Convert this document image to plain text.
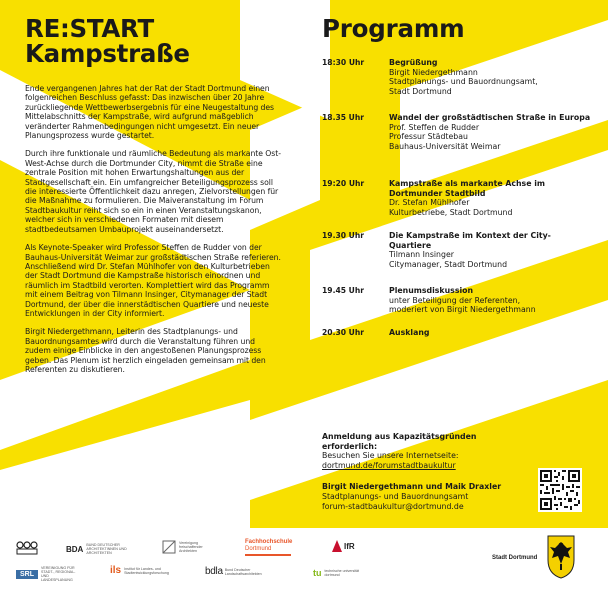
RE:START
Kampstraße

Ende vergangenen Jahres hat der Rat der Stadt Dortmund einen folgenreichen Beschluss gefasst: Das inzwischen über 20 Jahre zurückliegende Wettbewerbsergebnis für eine Neugestaltung des Mittelabschnitts der Kampstraße, wird aufgrund maßgeblich veränderter Rahmenbedingungen nicht umgesetzt. Ein neuer Planungsprozess wurde gestartet.

Durch ihre funktionale und räumliche Bedeutung als markante Ost-West-Achse durch die Dortmunder City, nimmt die Straße eine zentrale Position mit hohen Erwartungshaltungen aus der Stadtgesellschaft ein. Ein umfangreicher Beteiligungsprozess soll die interessierte Öffentlichkeit dazu anregen, Zielvorstellungen für die Maßnahme zu formulieren. Die Maiveranstaltung im Forum Stadtbaukultur reiht sich so ein in einen Veranstaltungskanon, welcher sich in verschiedenen Formaten mit diesem stadtbedeutsamen Umbauprojekt auseinandersetzt.

Als Keynote-Speaker wird Professor Steffen de Rudder von der Bauhaus-Universität Weimar zur großstädtischen Straße referieren. Anschließend wird Dr. Stefan Mühlhofer von den Kulturbetrieben der Stadt Dortmund die Kampstraße historisch einordnen und räumlich im Stadtbild verorten. Komplettiert wird das Programm mit einem Beitrag von Tilmann Insinger, Citymanager der Stadt Dortmund, der über die innerstädtischen Quartiere und neueste Entwicklungen in der City informiert.

Birgit Niedergethmann, Leiterin des Stadtplanungs- und Bauordnungsamtes wird durch die Veranstaltung führen und zudem einige Einblicke in den angestoßenen Planungsprozess geben. Das Plenum ist herzlich eingeladen gemeinsam mit den Referenten zu diskutieren.

Programm
18:30 Uhr	Begrüßung
Birgit Niedergethmann
Stadtplanungs- und Bauordnungsamt,
Stadt Dortmund
18.35 Uhr	Wandel der großstädtischen Straße in Europa
Prof. Steffen de Rudder
Professur Städtebau
Bauhaus-Universität Weimar
19:20 Uhr	Kampstraße als markante Achse im Dortmunder Stadtbild
Dr. Stefan Mühlhofer
Kulturbetriebe, Stadt Dortmund
19.30 Uhr	Die Kampstraße im Kontext der City-Quartiere
Tilmann Insinger
Citymanager, Stadt Dortmund
19.45 Uhr	Plenumsdiskussion
unter Beteiligung der Referenten,
moderiert von Birgit Niedergethmann
20.30 Uhr	Ausklang
Anmeldung aus Kapazitätsgründen erforderlich:
Besuchen Sie unsere Internetseite:
dortmund.de/forumstadtbaukultur
Birgit Niedergethmann und Maik Draxler
Stadtplanungs- und Bauordnungsamt
forum-stadtbaukultur@dortmund.de
BDA BUND DEUTSCHER ARCHITEKTINNEN UND ARCHITEKTEN
Vereinigung freischaffender Architekten
Fachhochschule
Dortmund	IfR
Stadt Dortmund
SRL
VEREINIGUNG FÜR STADT-, REGIONAL- UND LANDESPLANUNG
ils Institut für Landes- und Stadtentwicklungsforschung	bdla Bund Deutscher Landschaftsarchitekten	tu technische universität dortmund
